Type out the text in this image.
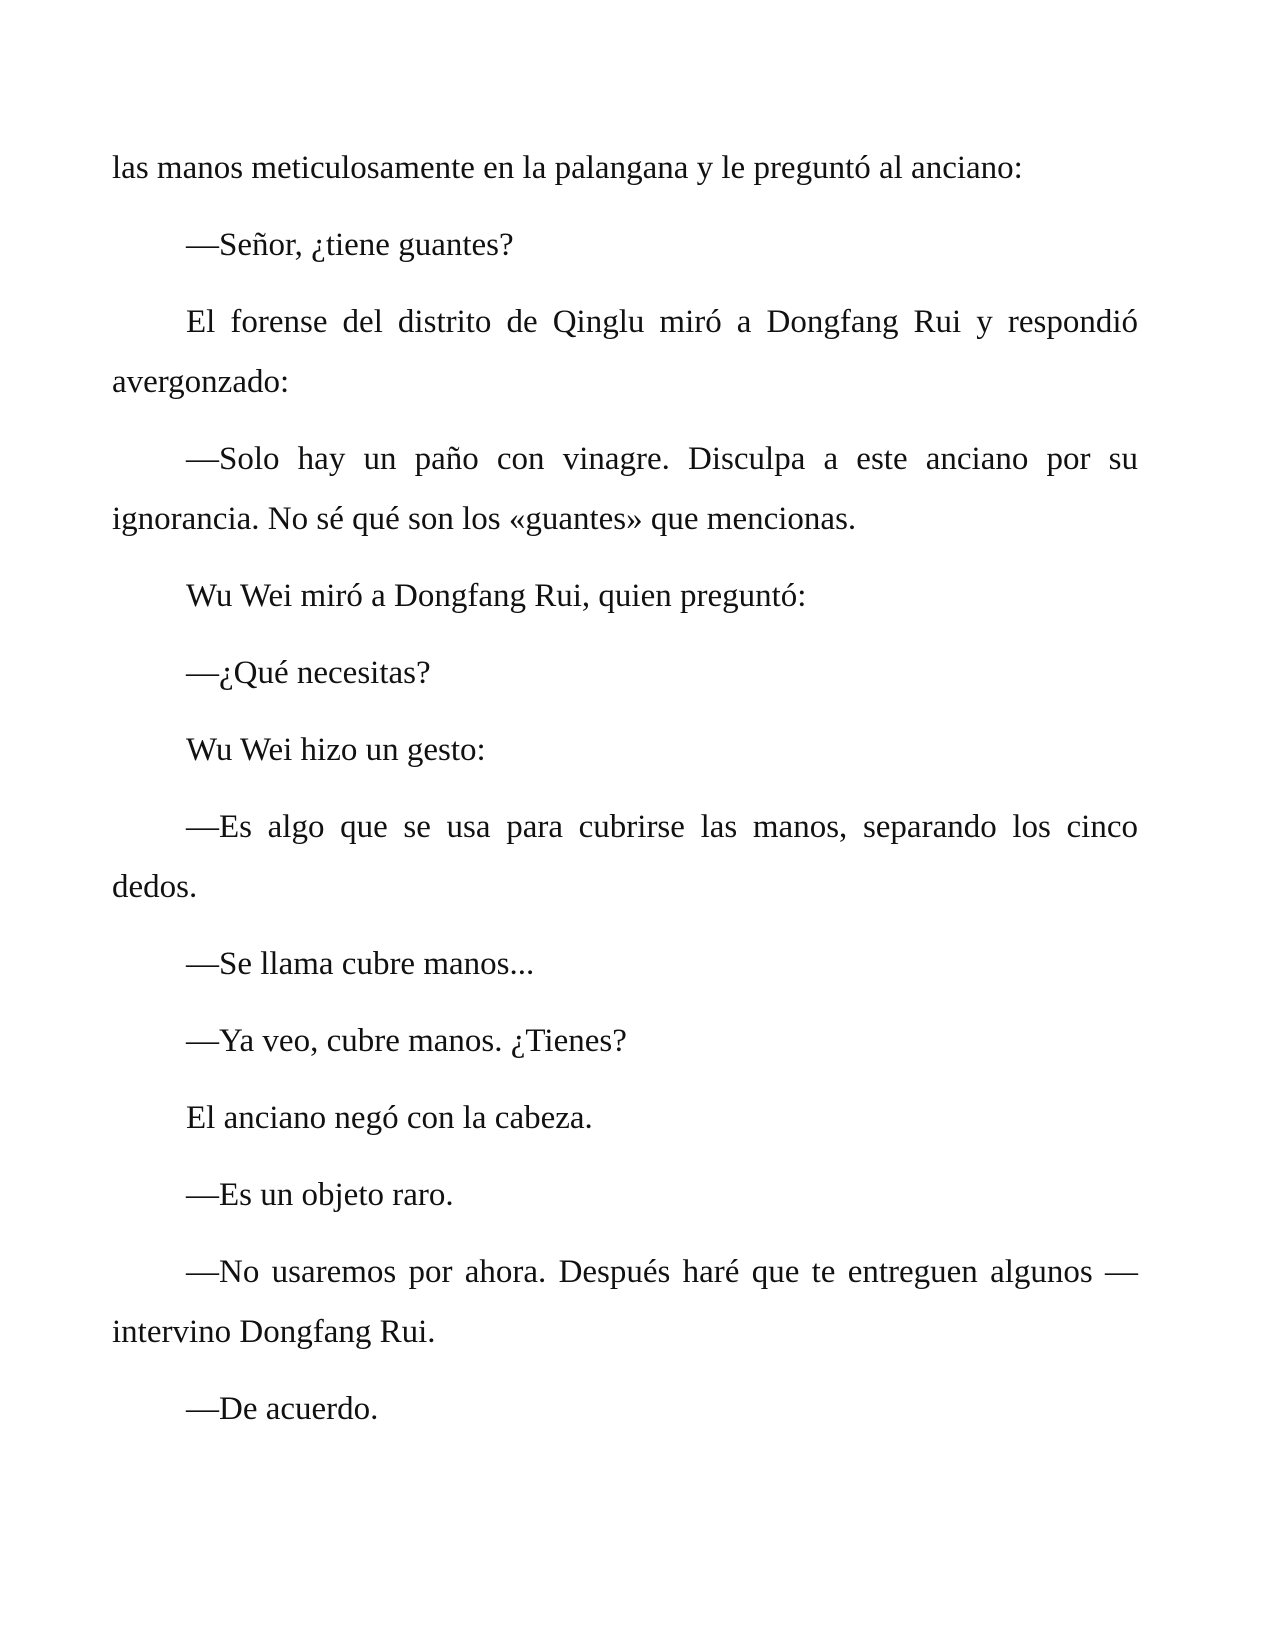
las manos meticulosamente en la palangana y le preguntó al anciano:

—Señor, ¿tiene guantes?

El forense del distrito de Qinglu miró a Dongfang Rui y respondió avergonzado:

—Solo hay un paño con vinagre. Disculpa a este anciano por su ignorancia. No sé qué son los «guantes» que mencionas.

Wu Wei miró a Dongfang Rui, quien preguntó:

—¿Qué necesitas?

Wu Wei hizo un gesto:

—Es algo que se usa para cubrirse las manos, separando los cinco dedos.

—Se llama cubre manos...

—Ya veo, cubre manos. ¿Tienes?

El anciano negó con la cabeza.

—Es un objeto raro.

—No usaremos por ahora. Después haré que te entreguen algunos —intervino Dongfang Rui.

—De acuerdo.
